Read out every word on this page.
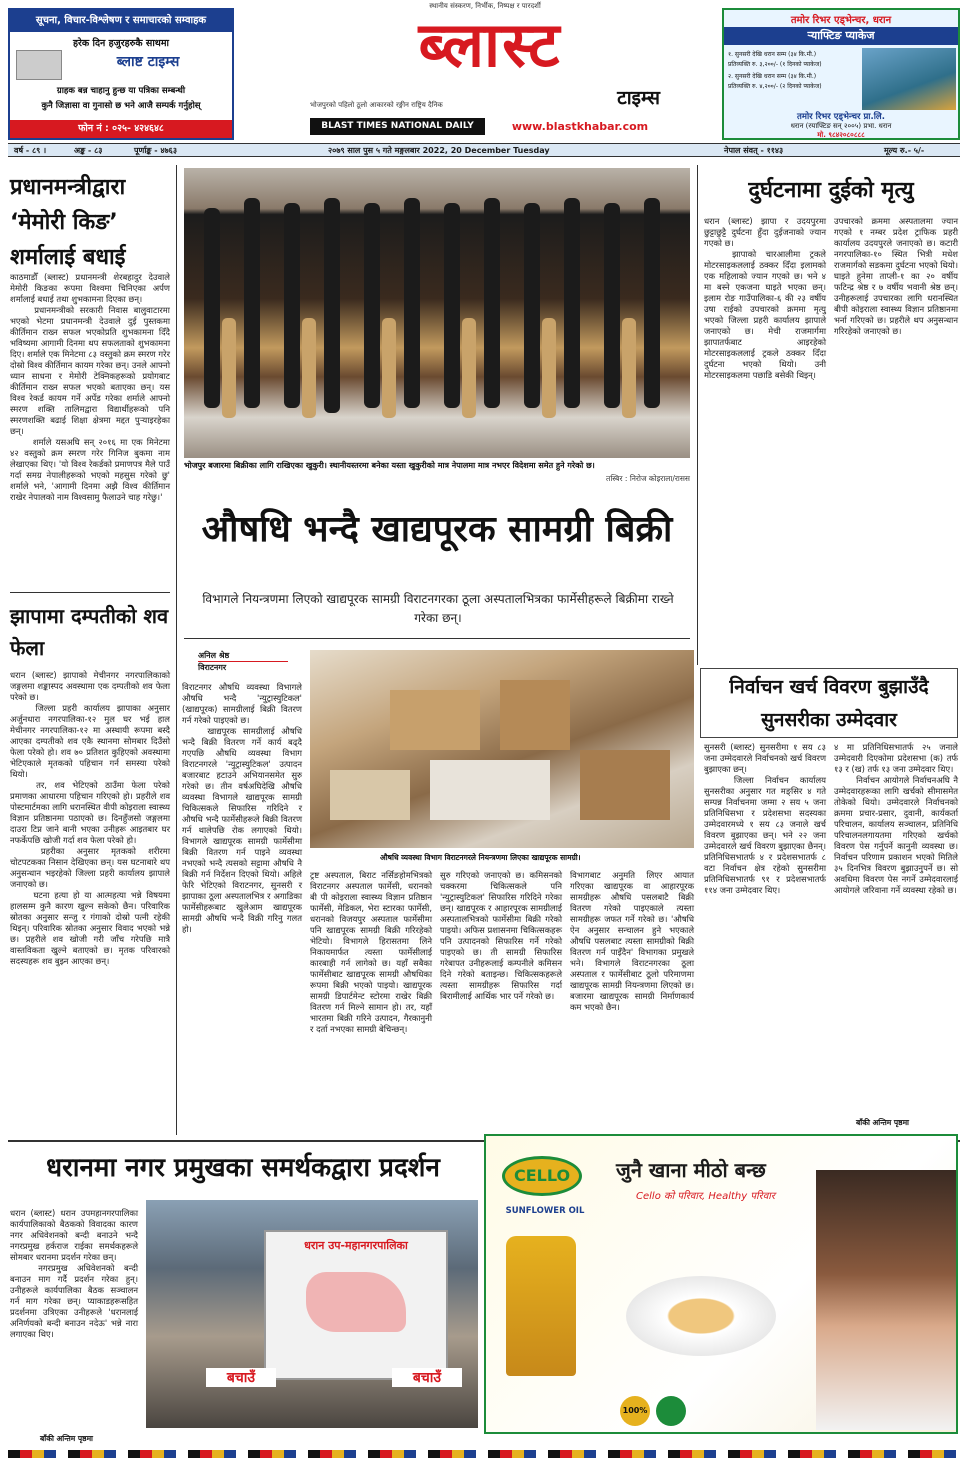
सूचना, विचार-विश्लेषण र समाचारको सम्वाहक
हरेक दिन हजुरहरुकै साथमा
ब्लाष्ट टाइम्स
ग्राहक बन्न चाहानु हुन्छ या पत्रिका सम्बन्धी
कुनै जिज्ञासा वा गुनासो छ भने आजै सम्पर्क गर्नुहोस्
फोन नं : ०२५- ४२४६४८
स्थानीय संस्करण, निर्भीक, निष्पक्ष र पारदर्शी
ब्लास्ट
टाइम्स
भोजपुरको पहिलो ठूलो आकारको रङ्गीन राष्ट्रिय दैनिक
BLAST TIMES NATIONAL DAILY	www.blastkhabar.com
तमोर रिभर एड्भेन्चर, धरान
र्‍याफ्टिङ प्याकेज
१. सुनसरी देखि धरान सम्म (३४ कि.मी.)
प्रतिव्यक्ति रु. ३,२००/- (१ दिनको प्याकेज)
२. सुनसरी देखि धरान सम्म (३४ कि.मी.)
प्रतिव्यक्ति रु. ४,२००/- (२ दिनको प्याकेज)
तमोर रिभर एड्भेन्चर प्रा.लि.
धरान (रयाफ्टिङ सन् २००५) प्रभा. धरान
मो. ९८४२०८०८८८
वर्ष - ८९ ।	अङ्क - ८३	पूर्णाङ्क - ४७६३	२०७९ साल पुस ५ गते मङ्गलबार 2022, 20 December Tuesday	नेपाल संवत् - ११४३	मूल्य रु.- ५/-
प्रधानमन्त्रीद्वारा ‘मेमोरी किङ’ शर्मालाई बधाई
काठमाडौँ (ब्लास्ट) प्रधानमन्त्री शेरबहादुर देउवाले मेमोरी किङका रूपमा विश्वमा चिनिएका अर्पण शर्मालाई बधाई तथा शुभकामना दिएका छन्।
	प्रधानमन्त्रीको सरकारी निवास बालुवाटारमा भएको भेटमा प्रधानमन्त्री देउवाले दुई पुस्तकमा कीर्तिमान राख्न सफल भएकोप्रति शुभकामना दिँदै भविष्यमा आगामी दिनमा थप सफलताको शुभकामना दिए। शर्माले एक मिनेटमा ८३ वस्तुको क्रम स्मरण गरेर दोस्रो विश्व कीर्तिमान कायम गरेका छन्। उनले आफ्नो ध्यान साधना र मेमोरी टेक्निकहरूको प्रयोगबाट कीर्तिमान राख्न सफल भएको बताएका छन्। यस विश्व रेकर्ड कायम गर्ने अर्पेड गरेका शर्माले आफ्नो स्मरण शक्ति तालिमद्वारा विद्यार्थीहरूको पनि स्मरणशक्ति बढाई शिक्षा क्षेत्रमा मद्दत पुऱ्याइरहेका छन्।
	शर्माले यसअघि सन् २०१६ मा एक मिनेटमा ४२ वस्तुको क्रम स्मरण गरेर गिनिज बुकमा नाम लेखाएका थिए। 'यो विश्व रेकर्डको प्रमाणपत्र मैले पाउँ गर्दा समग्र नेपालीहरूको भएको महसुस गरेको छु' शर्माले भने, 'आगामी दिनमा अझै विश्व कीर्तिमान राखेर नेपालको नाम विश्वसामु फैलाउने चाह गरेछु।'
झापामा दम्पतीको शव फेला
धरान (ब्लास्ट) झापाको मेचीनगर नगरपालिकाको जङ्गलमा शङ्कास्पद अवस्थामा एक दम्पतीको शव फेला परेको छ।
	जिल्ला प्रहरी कार्यालय झापाका अनुसार अर्जुनधारा नगरपालिका-१२ मुल घर भई हाल मेचीनगर नगरपालिका-१२ मा अस्थायी रूपमा बस्दै आएका दम्पतीको शव एकै स्थानमा सोमबार दिउँसो फेला परेको हो। शव ७० प्रतिशत कुहिएको अवस्थामा भेटिएकाले मृतकको पहिचान गर्न समस्या परेको थियो।
	तर, शव भेटिएको ठाउँमा फेला परेको प्रमाणका आधारमा पहिचान गरिएको हो। प्रहरीले शव पोस्टमार्टमका लागि धरानस्थित वीपी कोइराला स्वास्थ्य विज्ञान प्रतिष्ठानमा पठाएको छ। दिनहुँजसो जङ्गलमा दाउरा टिप्न जाने बानी भएका उनीहरू आइतबार घर नफर्केपछि खोजी गर्दा शव फेला परेको हो।
	प्रहरीका अनुसार मृतकको शरीरमा चोटपटकका निसान देखिएका छन्। यस घटनाबारे थप अनुसन्धान भइरहेको जिल्ला प्रहरी कार्यालय झापाले जनाएको छ।
	घटना हत्या हो या आत्महत्या भन्ने विषयमा हालसम्म कुनै कारण खुल्न सकेको छैन। परिवारिक स्रोतका अनुसार सन्जु र गंगाको दोस्रो पत्नी रहेकी थिइन्। परिवारिक स्रोतका अनुसार विवाद भएको भन्ने छ। प्रहरीले शव खोजी गरी जाँच गरेपछि मात्रै वास्तविकता खुल्ने बताएको छ। मृतक परिवारको सदस्यहरू शव बुझ्न आएका छन्।
भोजपुर बजारमा बिक्रीका लागि राखिएका खुकुरी। स्थानीयस्तरमा बनेका यस्ता खुकुरीको मात्र नेपालमा मात्र नभएर विदेशमा समेत हुने गरेको छ।
तस्बिर : निरोज कोइराला/रासस
दुर्घटनामा दुईको मृत्यु
धरान (ब्लास्ट) झापा र उदयपुरमा छुट्टाछुट्टै दुर्घटना हुँदा दुईजनाको ज्यान गएको छ।
	झापाको चारआलीमा ट्रकले मोटरसाइकललाई ठक्कर दिँदा इलामको एक महिलाको ज्यान गएको छ। भने ४ मा बस्ने एकजना घाइते भएका छन्। इलाम रोङ गाउँपालिका-६ की २३ वर्षीय उषा राईको उपचारको क्रममा मृत्यु भएको जिल्ला प्रहरी कार्यालय झापाले जनाएको छ। मेची राजमार्गमा झापातर्फबाट आइरहेको मोटरसाइकललाई ट्रकले ठक्कर दिँदा दुर्घटना भएको थियो। उनी मोटरसाइकलमा पछाडि बसेकी थिइन्।
उपचारको क्रममा अस्पतालमा ज्यान गएको १ नम्बर प्रदेश ट्राफिक प्रहरी कार्यालय उदयपुरले जनाएको छ। कटारी नगरपालिका-१० स्थित भित्री मधेश राजमार्गको सडकमा दुर्घटना भएको थियो। घाइते हुनेमा ताप्ली-१ का २० वर्षीय फटिन्द्र श्रेष्ठ र ७ वर्षीय भवानी श्रेष्ठ छन्। उनीहरूलाई उपचारका लागि धरानस्थित बीपी कोइराला स्वास्थ्य विज्ञान प्रतिष्ठानमा भर्ना गरिएको छ। प्रहरीले थप अनुसन्धान गरिरहेको जनाएको छ।
औषधि भन्दै खाद्यपूरक सामग्री बिक्री
विभागले नियन्त्रणमा लिएको खाद्यपूरक सामग्री विराटनगरका ठूला अस्पतालभित्रका फार्मेसीहरूले बिक्रीमा राख्ने गरेका छन्।
अनिल श्रेष्ठ
विराटनगर
विराटनगर औषधि व्यवस्था विभागले औषधि भन्दै 'न्युट्रास्युटिकल' (खाद्यपूरक) सामग्रीलाई बिक्री वितरण गर्न गरेको पाइएको छ।
	खाद्यपूरक सामग्रीलाई औषधि भन्दै बिक्री वितरण गर्ने कार्य बढ्दै गएपछि औषधि व्यवस्था विभाग विराटनगरले 'न्युट्रास्युटिकल' उत्पादन बजारबाट हटाउने अभियानसमेत सुरु गरेको छ। तीन वर्षअघिदेखि औषधि व्यवस्था विभागले खाद्यपूरक सामग्री चिकित्सकले सिफारिस गरिदिने र औषधि भन्दै फार्मेसीहरूले बिक्री वितरण गर्न थालेपछि रोक लगाएको थियो। विभागले खाद्यपूरक सामग्री फार्मेसीमा बिक्री वितरण गर्न पाइने व्यवस्था नभएको भन्दै त्यसको सट्टामा औषधि नै बिक्री गर्न निर्देशन दिएको थियो। अहिले फेरि भेटिएको विराटनगर, सुनसरी र झापाका ठूला अस्पतालभित्र र अगाडिका फार्मेसीहरूबाट खुलेआम खाद्यपूरक सामग्री औषधि भन्दै विक्री गरिनु गलत हो।
औषधि व्यवस्था विभाग विराटनगरले नियन्त्रणमा लिएका खाद्यपूरक सामग्री।
ट्रष्ट अस्पताल, बिराट नर्सिङहोमभित्रको विराटनगर अस्पताल फार्मेसी, धरानको बी पी कोइराला स्वास्थ्य विज्ञान प्रतिष्ठान फार्मेसी, मेडिकल, भेरा स्टारका फार्मेसी, धरानको विजयपुर अस्पताल फार्मेसीमा पनि खाद्यपूरक सामग्री बिक्री गरिरहेको भेटियो। विभागले हिरासतमा लिने निकायमार्फत त्यस्ता फार्मेसीलाई कारबाही गर्न लागेको छ। यहाँ सबैका फार्मेसीबाट खाद्यपूरक सामग्री औषधिका रूपमा बिक्री भएको पाइयो। खाद्यपूरक सामग्री डिपार्टमेन्ट स्टोरमा राखेर बिक्री वितरण गर्न मिल्ने सामान हो। तर, यहाँ भारतमा बिक्री गरिने उत्पादन, गैरकानुनी र दर्ता नभएका सामग्री बेचिन्छन्।
सुरु गरिएको जनाएको छ। कमिसनको चक्करमा चिकित्सकले पनि 'न्युट्रास्युटिकल' सिफारिस गरिदिने गरेका छन्। खाद्यपूरक र आहारपूरक सामग्रीलाई अस्पतालभित्रको फार्मेसीमा बिक्री गरेको पाइयो। अफिस प्रशासनमा चिकित्सकहरू पनि उत्पादनको सिफारिस गर्ने गरेको पाइएको छ। ती सामग्री सिफारिस गरेबापत उनीहरूलाई कम्पनीले कमिसन दिने गरेको बताइन्छ। चिकित्सकहरूले त्यस्ता सामग्रीहरू सिफारिस गर्दा बिरामीलाई आर्थिक भार पर्ने गरेको छ।
विभागबाट अनुमति लिएर आयात गरिएका खाद्यपूरक वा आहारपूरक सामग्रीहरू औषधि पसलबाटै बिक्री वितरण गरेको पाइएकाले त्यस्ता सामग्रीहरू जफत गर्ने गरेको छ। 'औषधि ऐन अनुसार सन्चालन हुने भएकाले औषधि पसलबाट त्यस्ता सामग्रीको बिक्री वितरण गर्न पाइँदैन' विभागका प्रमुखले भने। विभागले विराटनगरका ठूला अस्पताल र फार्मेसीबाट ठूलो परिमाणमा खाद्यपूरक सामग्री नियन्त्रणमा लिएको छ। बजारमा खाद्यपूरक सामग्री निर्माणकार्य कम भएको छैन।
निर्वाचन खर्च विवरण बुझाउँदै सुनसरीका उम्मेदवार
सुनसरी (ब्लास्ट) सुनसरीमा १ सय ८३ जना उम्मेदवारले निर्वाचनको खर्च विवरण बुझाएका छन्।
	जिल्ला निर्वाचन कार्यालय सुनसरीका अनुसार गत मङ्सिर ४ गते सम्पन्न निर्वाचनमा जम्मा २ सय ५ जना प्रतिनिधिसभा र प्रदेशसभा सदस्यका उम्मेदवारमध्ये १ सय ८३ जनाले खर्च विवरण बुझाएका छन्। भने २२ जना उम्मेदवारले खर्च विवरण बुझाएका छैनन्। प्रतिनिधिसभातर्फ ४ र प्रदेशसभातर्फ ८ वटा निर्वाचन क्षेत्र रहेको सुनसरीमा प्रतिनिधिसभातर्फ ९१ र प्रदेशसभातर्फ ११४ जना उम्मेदवार थिए।
४ मा प्रतिनिधिसभातर्फ २५ जनाले उम्मेदवारी दिएकोमा प्रदेशसभा (क) तर्फ १३ र (ख) तर्फ १३ जना उम्मेदवार थिए।
	निर्वाचन आयोगले निर्वाचनअघि नै उम्मेदवारहरूका लागि खर्चको सीमासमेत तोकेको थियो। उम्मेदवारले निर्वाचनको क्रममा प्रचार-प्रसार, दुवानी, कार्यकर्ता परिचालन, कार्यालय सञ्चालन, प्रतिनिधि परिचालनलगायतमा गरिएको खर्चको विवरण पेस गर्नुपर्ने कानुनी व्यवस्था छ। निर्वाचन परिणाम प्रकाशन भएको मितिले ३५ दिनभित्र विवरण बुझाउनुपर्ने छ। सो अवधिमा विवरण पेस नगर्ने उम्मेदवारलाई आयोगले जरिवाना गर्ने व्यवस्था रहेको छ।
बाँकी अन्तिम पृष्ठमा
धरानमा नगर प्रमुखका समर्थकद्वारा प्रदर्शन
धरान (ब्लास्ट) धरान उपमहानगरपालिका कार्यपालिकाको बैठकको विवादका कारण नगर अधिवेशनको बन्दी बनाउने भन्दै नगरप्रमुख हर्कराज राईका समर्थकहरूले सोमबार धरानमा प्रदर्शन गरेका छन्।
	नगरप्रमुख अधिवेशनको बन्दी बनाउन माग गर्दै प्रदर्शन गरेका हुन्। उनीहरूले कार्यपालिका बैठक सञ्चालन गर्न माग गरेका छन्। प्याकाडहरूसहित प्रदर्शनमा उत्रिएका उनीहरूले 'धरानलाई अनिर्णयको बन्दी बनाउन नदेऊ' भन्ने नारा लगाएका थिए।
धरान उप-महानगरपालिका
बचाउँ	बचाउँ
बाँकी अन्तिम पृष्ठमा
CELLO
SUNFLOWER OIL
जुनै खाना मीठो बन्छ
Cello को परिवार, Healthy परिवार
100%
